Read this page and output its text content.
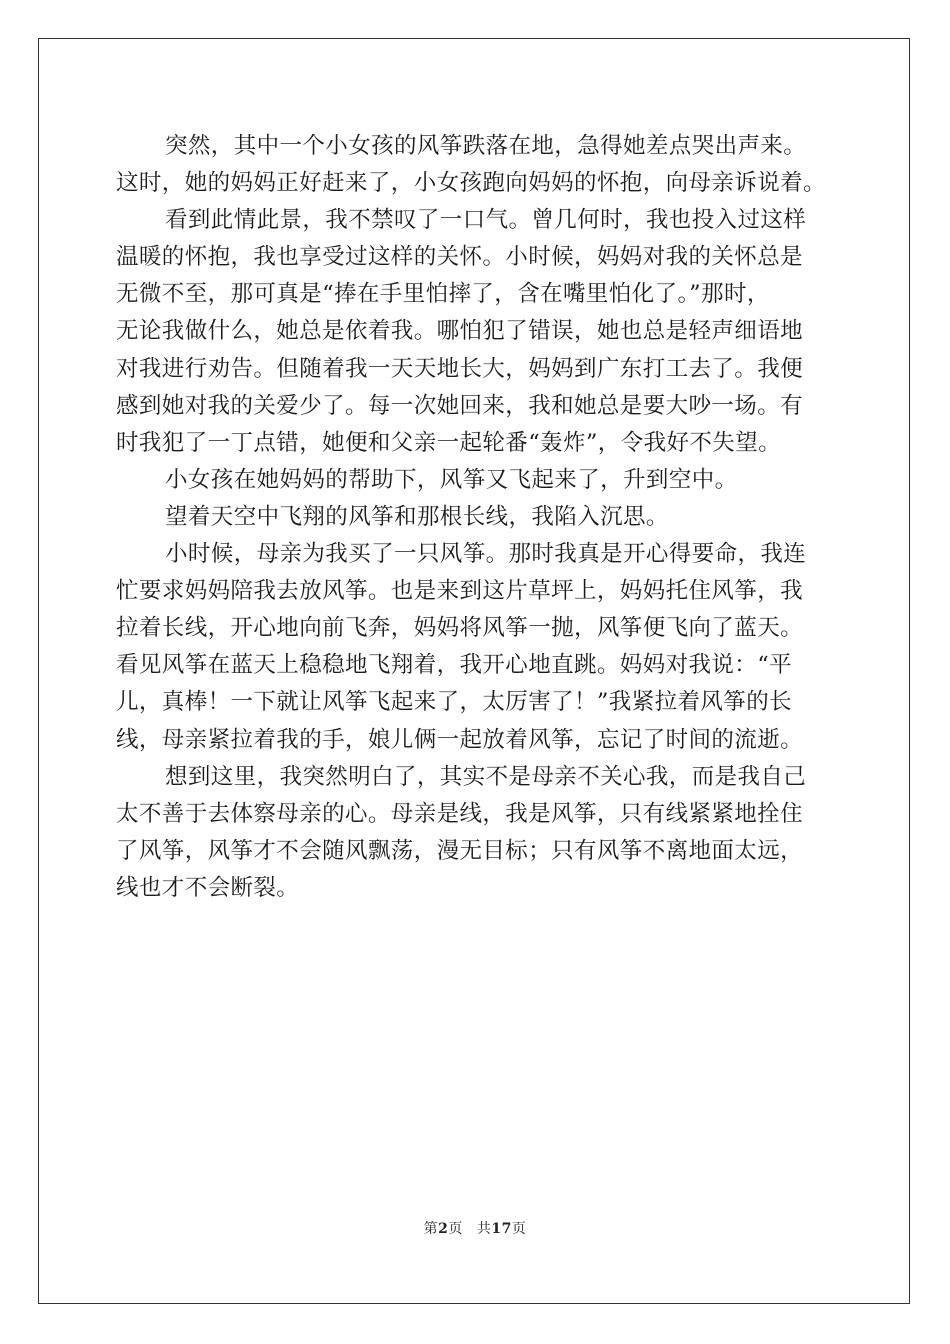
突然，其中一个小女孩的风筝跌落在地，急得她差点哭出声来。
这时，她的妈妈正好赶来了，小女孩跑向妈妈的怀抱，向母亲诉说着。
看到此情此景，我不禁叹了一口气。曾几何时，我也投入过这样
温暖的怀抱，我也享受过这样的关怀。小时候，妈妈对我的关怀总是
无微不至，那可真是“捧在手里怕摔了，含在嘴里怕化了。”那时，
无论我做什么，她总是依着我。哪怕犯了错误，她也总是轻声细语地
对我进行劝告。但随着我一天天地长大，妈妈到广东打工去了。我便
感到她对我的关爱少了。每一次她回来，我和她总是要大吵一场。有
时我犯了一丁点错，她便和父亲一起轮番“轰炸”，令我好不失望。
小女孩在她妈妈的帮助下，风筝又飞起来了，升到空中。
望着天空中飞翔的风筝和那根长线，我陷入沉思。
小时候，母亲为我买了一只风筝。那时我真是开心得要命，我连
忙要求妈妈陪我去放风筝。也是来到这片草坪上，妈妈托住风筝，我
拉着长线，开心地向前飞奔，妈妈将风筝一抛，风筝便飞向了蓝天。
看见风筝在蓝天上稳稳地飞翔着，我开心地直跳。妈妈对我说：“平
儿，真棒！一下就让风筝飞起来了，太厉害了！”我紧拉着风筝的长
线，母亲紧拉着我的手，娘儿俩一起放着风筝，忘记了时间的流逝。
想到这里，我突然明白了，其实不是母亲不关心我，而是我自己
太不善于去体察母亲的心。母亲是线，我是风筝，只有线紧紧地拴住
了风筝，风筝才不会随风飘荡，漫无目标；只有风筝不离地面太远，
线也才不会断裂。
第2页 共17页
